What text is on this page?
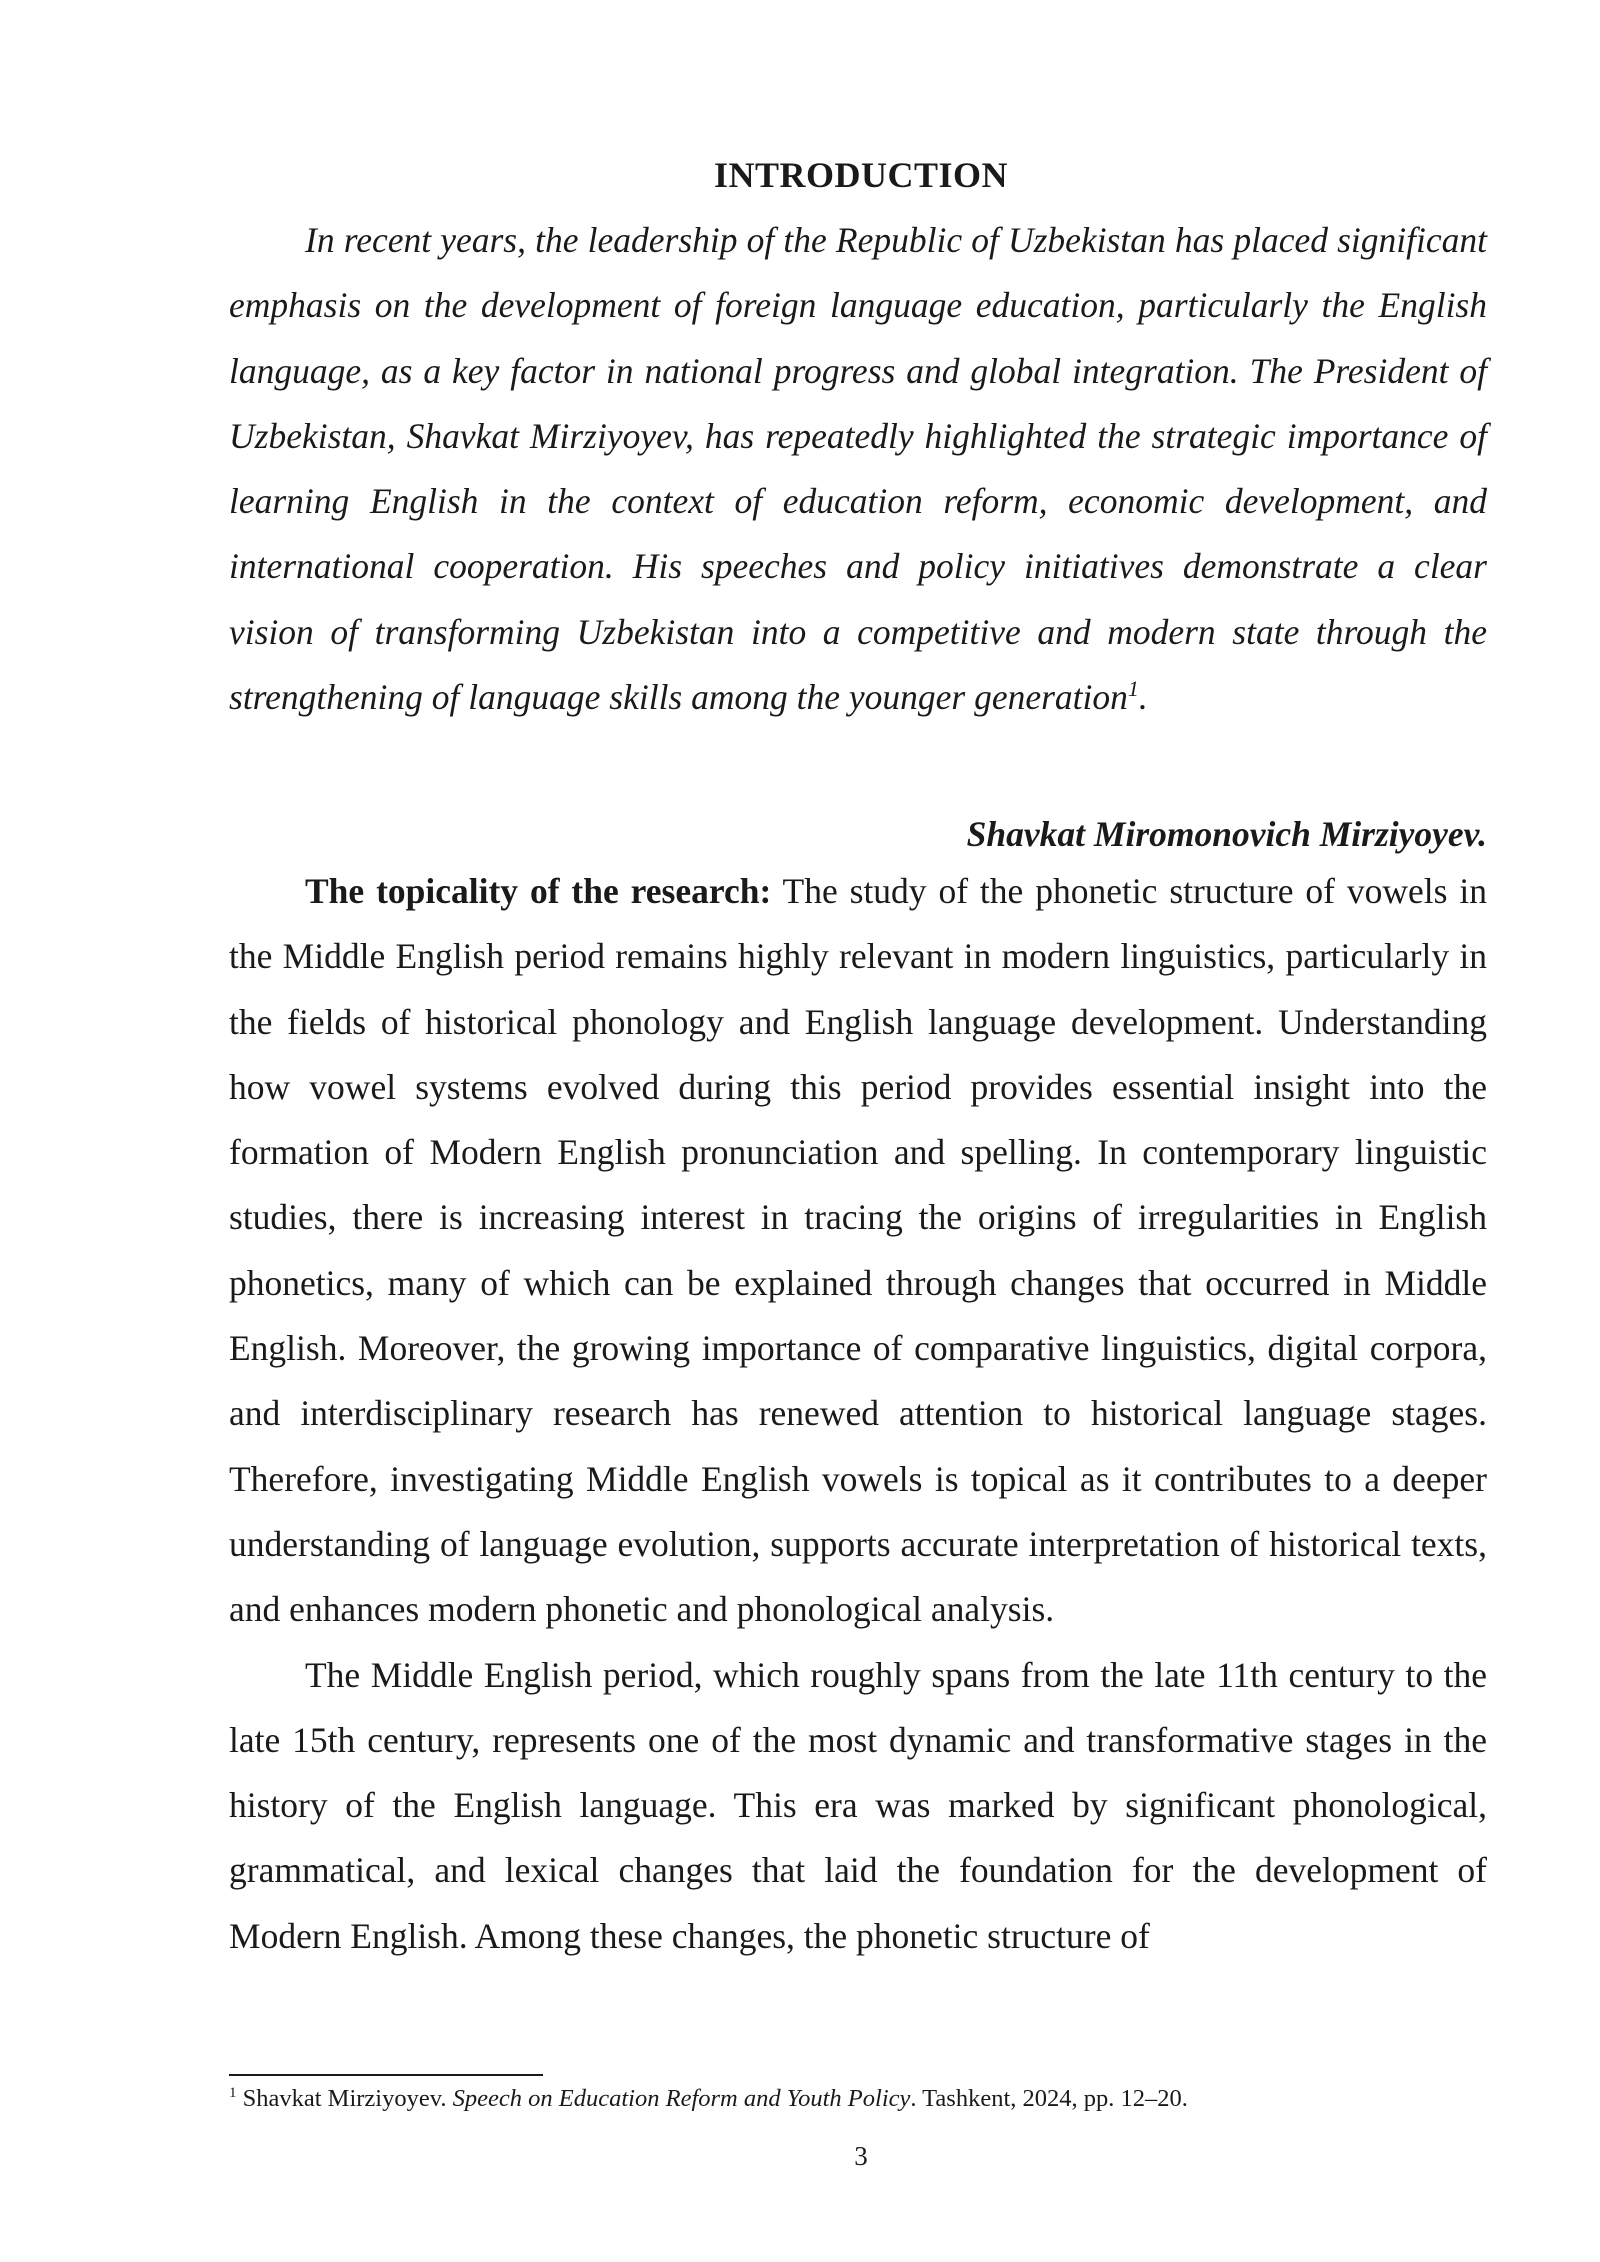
INTRODUCTION

In recent years, the leadership of the Republic of Uzbekistan has placed significant emphasis on the development of foreign language education, particularly the English language, as a key factor in national progress and global integration. The President of Uzbekistan, Shavkat Mirziyoyev, has repeatedly highlighted the strategic importance of learning English in the context of education reform, economic development, and international cooperation. His speeches and policy initiatives demonstrate a clear vision of transforming Uzbekistan into a competitive and modern state through the strengthening of language skills among the younger generation$^1$.

Shavkat Miromonovich Mirziyoyev.

The topicality of the research: The study of the phonetic structure of vowels in the Middle English period remains highly relevant in modern linguistics, particularly in the fields of historical phonology and English language development. Understanding how vowel systems evolved during this period provides essential insight into the formation of Modern English pronunciation and spelling. In contemporary linguistic studies, there is increasing interest in tracing the origins of irregularities in English phonetics, many of which can be explained through changes that occurred in Middle English. Moreover, the growing importance of comparative linguistics, digital corpora, and interdisciplinary research has renewed attention to historical language stages. Therefore, investigating Middle English vowels is topical as it contributes to a deeper understanding of language evolution, supports accurate interpretation of historical texts, and enhances modern phonetic and phonological analysis.

The Middle English period, which roughly spans from the late 11th century to the late 15th century, represents one of the most dynamic and transformative stages in the history of the English language. This era was marked by significant phonological, grammatical, and lexical changes that laid the foundation for the development of Modern English. Among these changes, the phonetic structure of

$^1$ Shavkat Mirziyoyev. Speech on Education Reform and Youth Policy. Tashkent, 2024, pp. 12–20.
3
